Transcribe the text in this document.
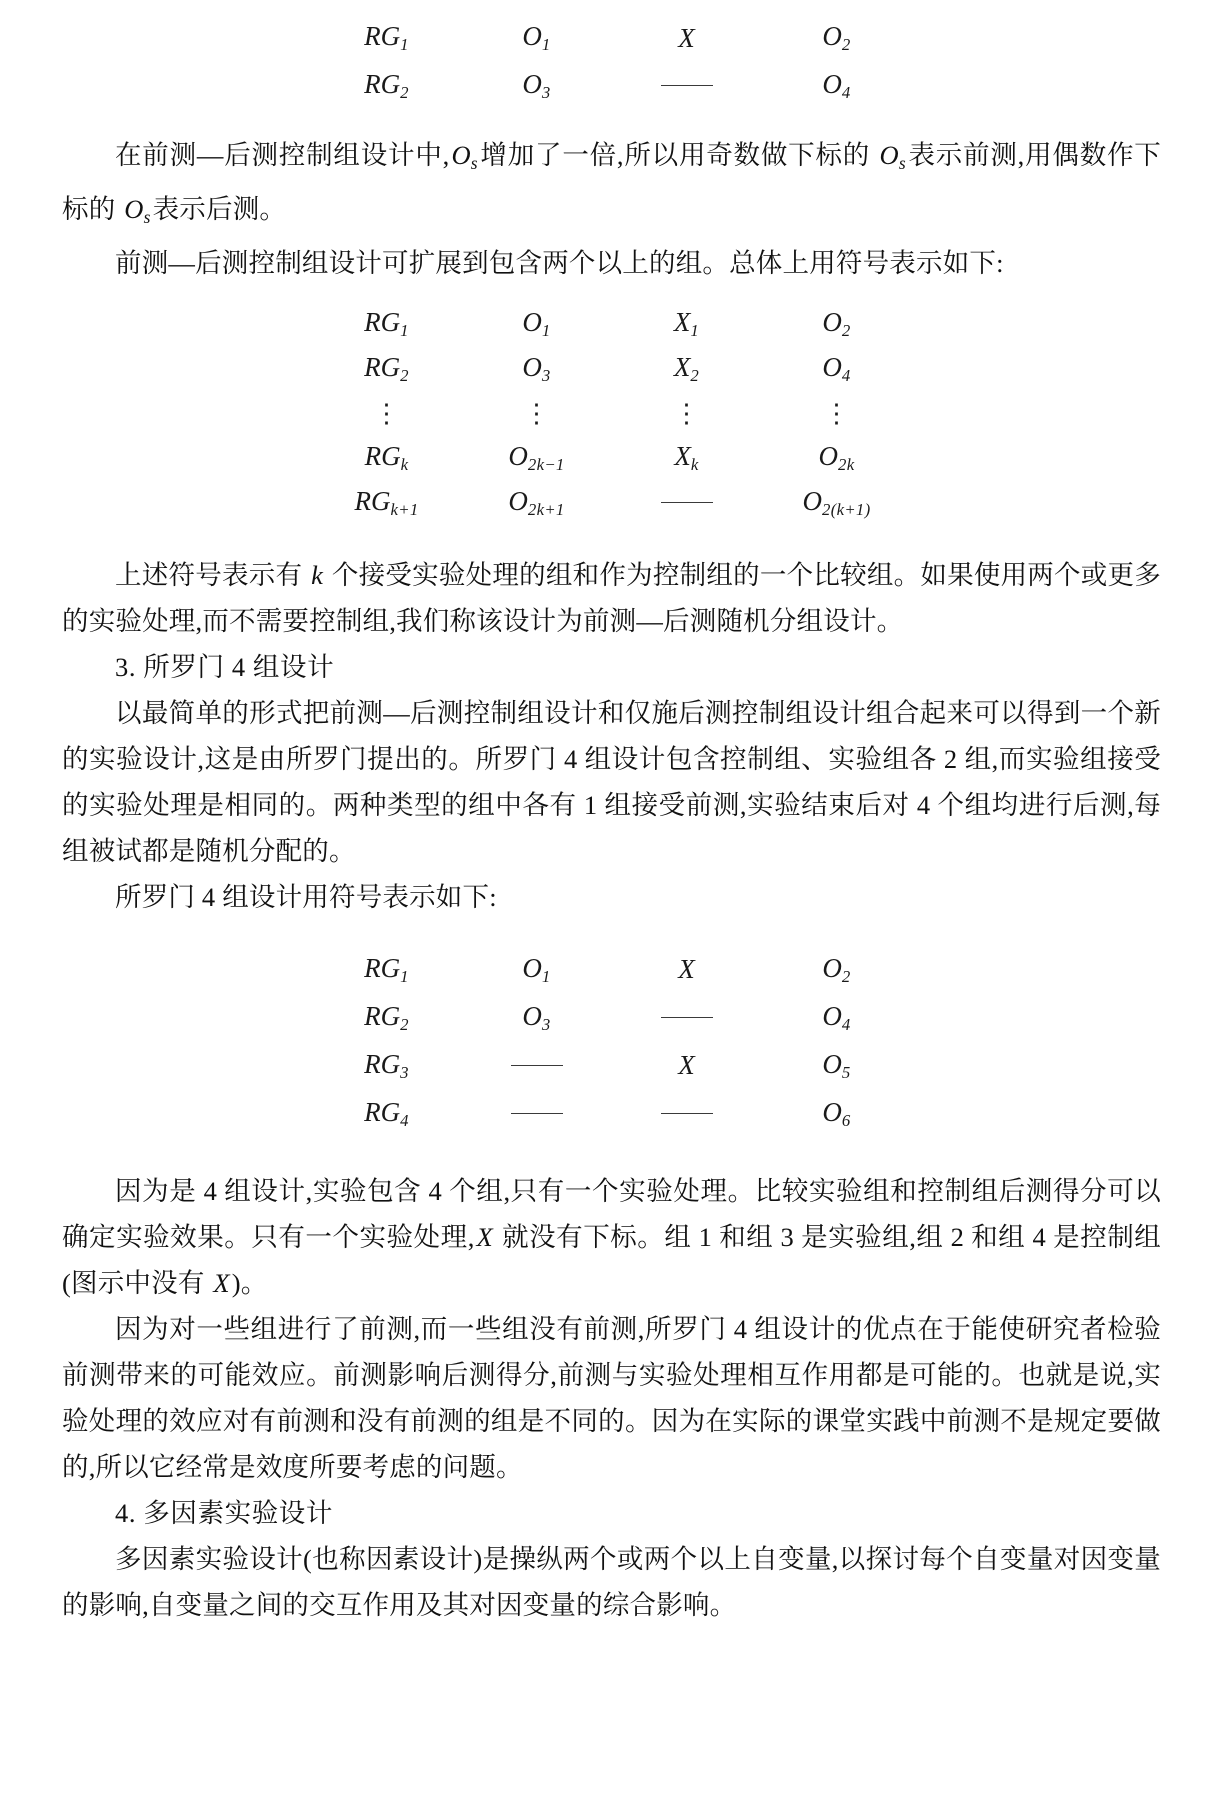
$RG_1$	$O_1$	X	$O_2$
$RG_2$	$O_3$		$O_4$

在前测—后测控制组设计中$,O_s$增加了一倍,所以用奇数做下标的 $O_s$表示前测,用偶数作下标的 $O_s$表示后测。

前测—后测控制组设计可扩展到包含两个以上的组。总体上用符号表示如下:

$RG_1$	$O_1$	$X_1$	$O_2$
$RG_2$	$O_3$	$X_2$	$O_4$
⋮	⋮	⋮	⋮
$RG_k$	$O_{2k-1}$	$X_k$	$O_{2k}$
$RG_{k+1}$	$O_{2k+1}$		$O_{2(k+1)}$

上述符号表示有 k 个接受实验处理的组和作为控制组的一个比较组。如果使用两个或更多的实验处理,而不需要控制组,我们称该设计为前测—后测随机分组设计。

3. 所罗门 4 组设计

以最简单的形式把前测—后测控制组设计和仅施后测控制组设计组合起来可以得到一个新的实验设计,这是由所罗门提出的。所罗门 4 组设计包含控制组、实验组各 2 组,而实验组接受的实验处理是相同的。两种类型的组中各有 1 组接受前测,实验结束后对 4 个组均进行后测,每组被试都是随机分配的。

所罗门 4 组设计用符号表示如下:

$RG_1$	$O_1$	X	$O_2$
$RG_2$	$O_3$		$O_4$
$RG_3$		X	$O_5$
$RG_4$			$O_6$

因为是 4 组设计,实验包含 4 个组,只有一个实验处理。比较实验组和控制组后测得分可以确定实验效果。只有一个实验处理,X 就没有下标。组 1 和组 3 是实验组,组 2 和组 4 是控制组(图示中没有 X)。

因为对一些组进行了前测,而一些组没有前测,所罗门 4 组设计的优点在于能使研究者检验前测带来的可能效应。前测影响后测得分,前测与实验处理相互作用都是可能的。也就是说,实验处理的效应对有前测和没有前测的组是不同的。因为在实际的课堂实践中前测不是规定要做的,所以它经常是效度所要考虑的问题。

4. 多因素实验设计

多因素实验设计(也称因素设计)是操纵两个或两个以上自变量,以探讨每个自变量对因变量的影响,自变量之间的交互作用及其对因变量的综合影响。
